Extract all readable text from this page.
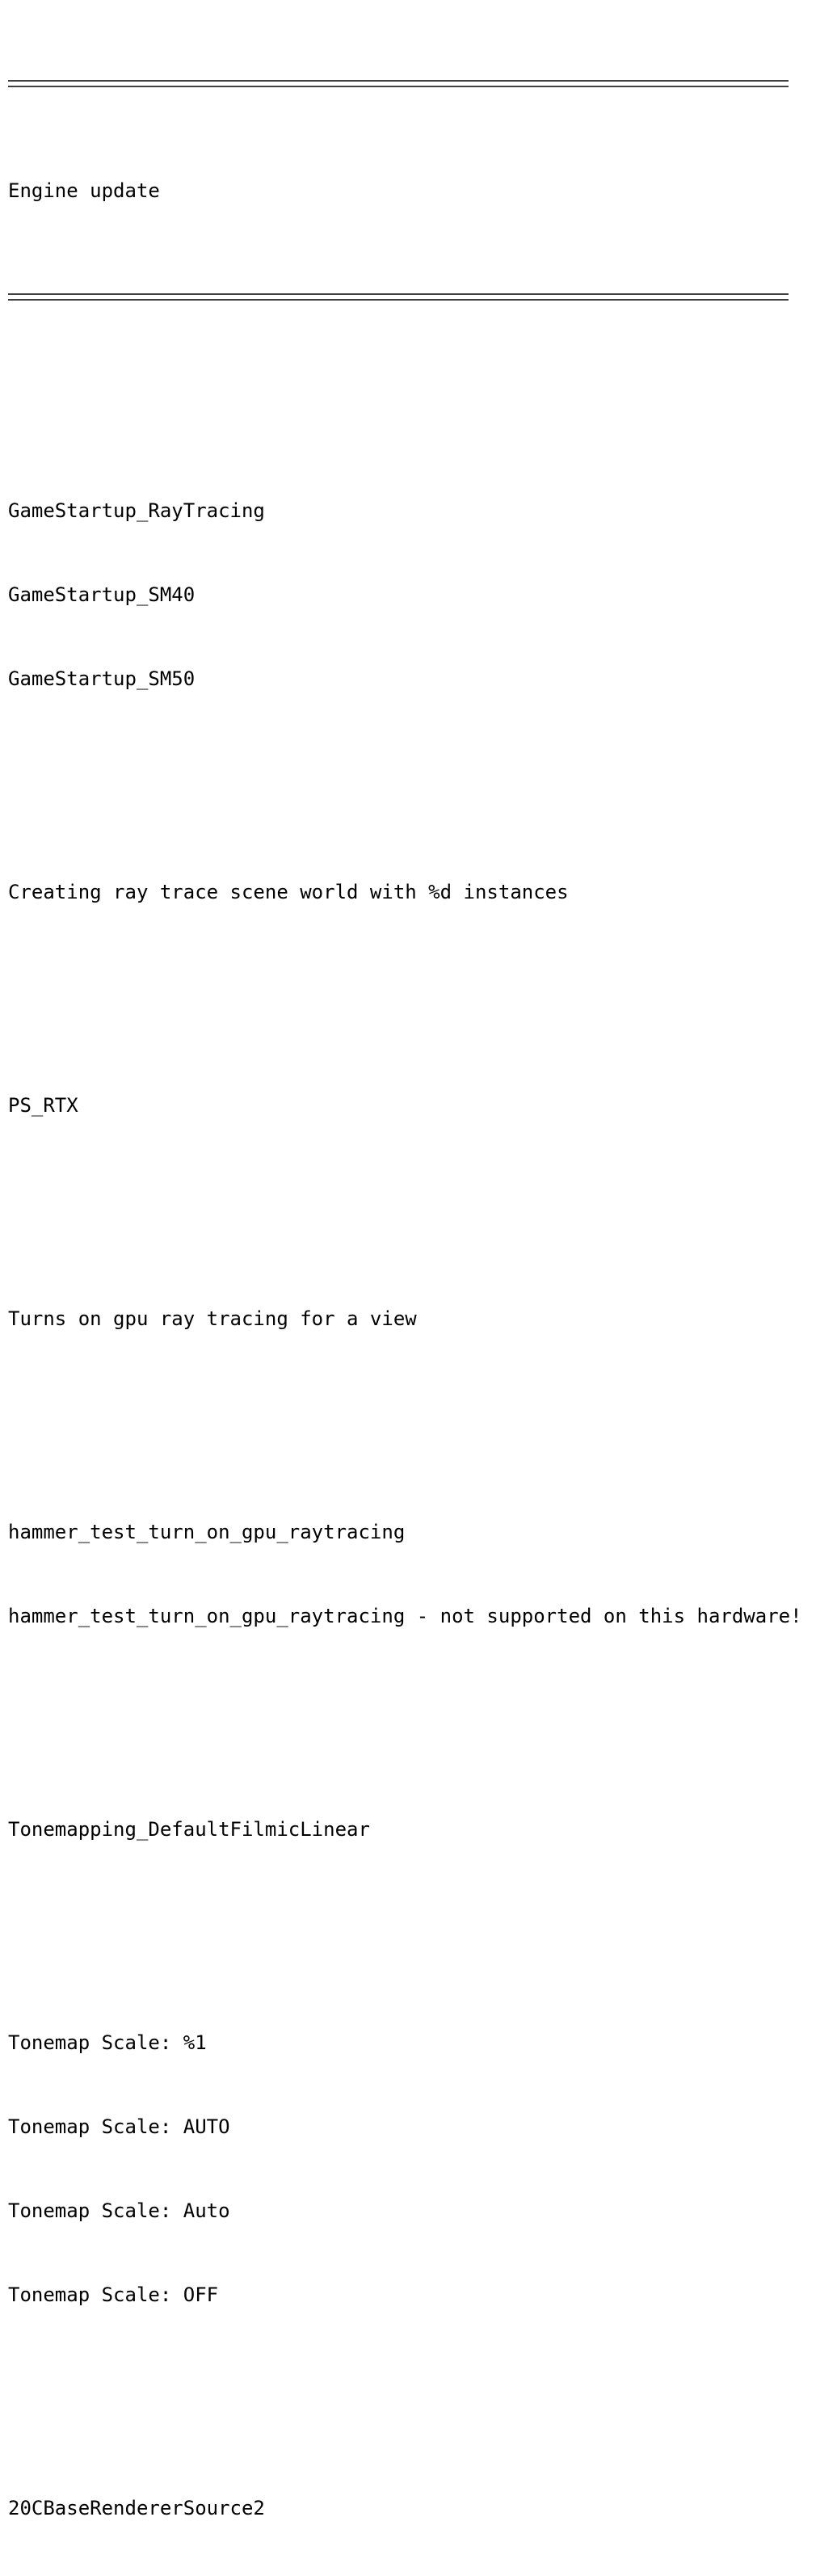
Engine update

GameStartup_RayTracing

GameStartup_SM40

GameStartup_SM50

Creating ray trace scene world with %d instances

PS_RTX

Turns on gpu ray tracing for a view

hammer_test_turn_on_gpu_raytracing

hammer_test_turn_on_gpu_raytracing - not supported on this hardware!

Tonemapping_DefaultFilmicLinear

Tonemap Scale: %1

Tonemap Scale: AUTO

Tonemap Scale: Auto

Tonemap Scale: OFF

20CBaseRendererSource2
